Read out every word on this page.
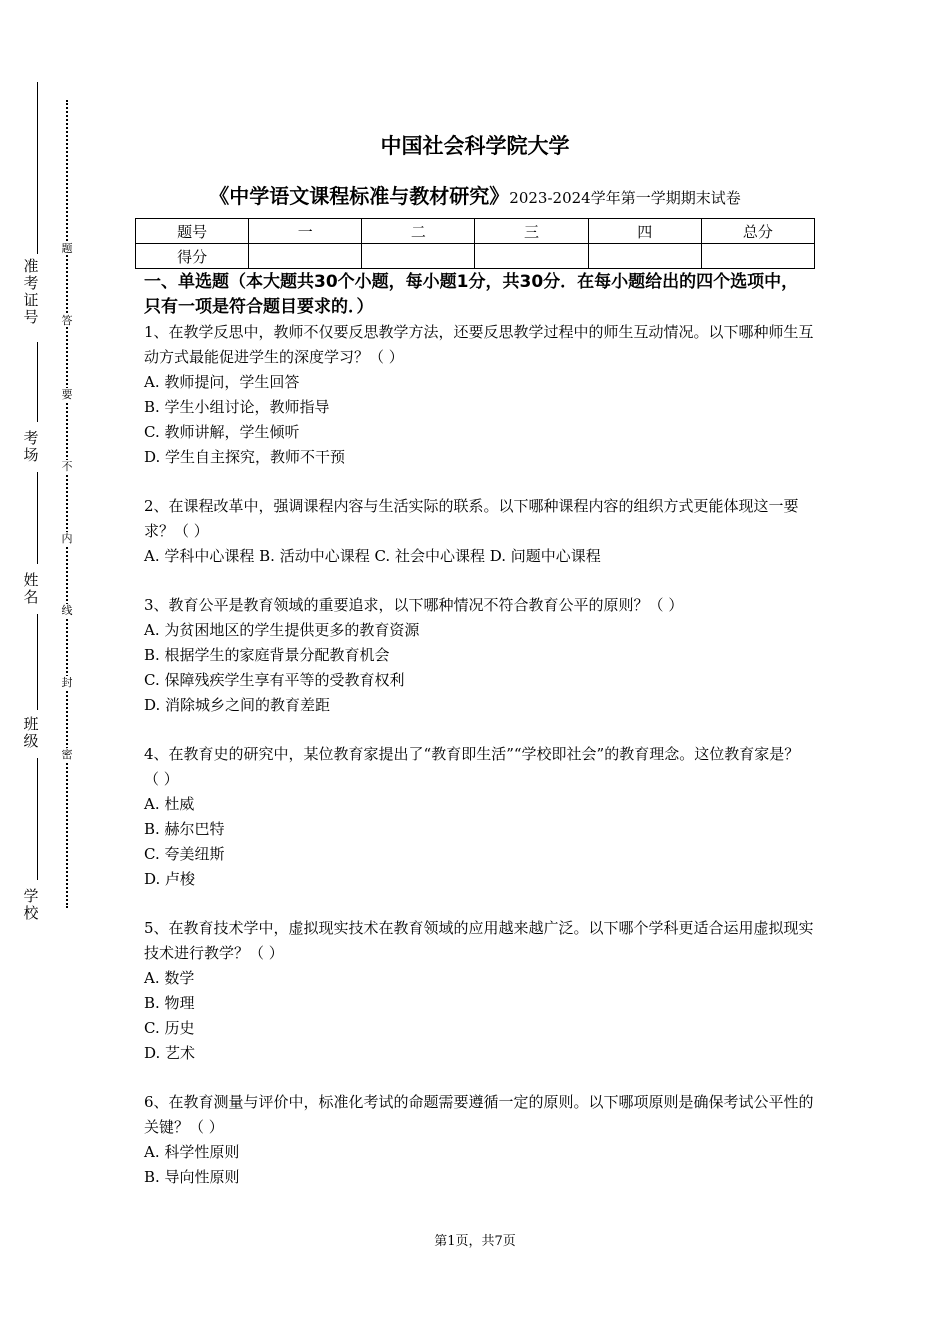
准考证号
考场
姓名
班级
学校
题
答
要
不
内
线
封
密
中国社会科学院大学
《中学语文课程标准与教材研究》2023-2024学年第一学期期末试卷
题号	一	二	三	四	总分
得分					

一、单选题（本大题共30个小题，每小题1分，共30分．在每小题给出的四个选项中，只有一项是符合题目要求的．）

1、在教学反思中，教师不仅要反思教学方法，还要反思教学过程中的师生互动情况。以下哪种师生互动方式最能促进学生的深度学习？（ ）

A. 教师提问，学生回答

B. 学生小组讨论，教师指导

C. 教师讲解，学生倾听

D. 学生自主探究，教师不干预

2、在课程改革中，强调课程内容与生活实际的联系。以下哪种课程内容的组织方式更能体现这一要求？（ ）

A. 学科中心课程 B. 活动中心课程 C. 社会中心课程 D. 问题中心课程

3、教育公平是教育领域的重要追求，以下哪种情况不符合教育公平的原则？（ ）

A. 为贫困地区的学生提供更多的教育资源

B. 根据学生的家庭背景分配教育机会

C. 保障残疾学生享有平等的受教育权利

D. 消除城乡之间的教育差距

4、在教育史的研究中，某位教育家提出了“教育即生活”“学校即社会”的教育理念。这位教育家是？（ ）

A. 杜威

B. 赫尔巴特

C. 夸美纽斯

D. 卢梭

5、在教育技术学中，虚拟现实技术在教育领域的应用越来越广泛。以下哪个学科更适合运用虚拟现实技术进行教学？（ ）

A. 数学

B. 物理

C. 历史

D. 艺术

6、在教育测量与评价中，标准化考试的命题需要遵循一定的原则。以下哪项原则是确保考试公平性的关键？（ ）

A. 科学性原则

B. 导向性原则

第1页，共7页
